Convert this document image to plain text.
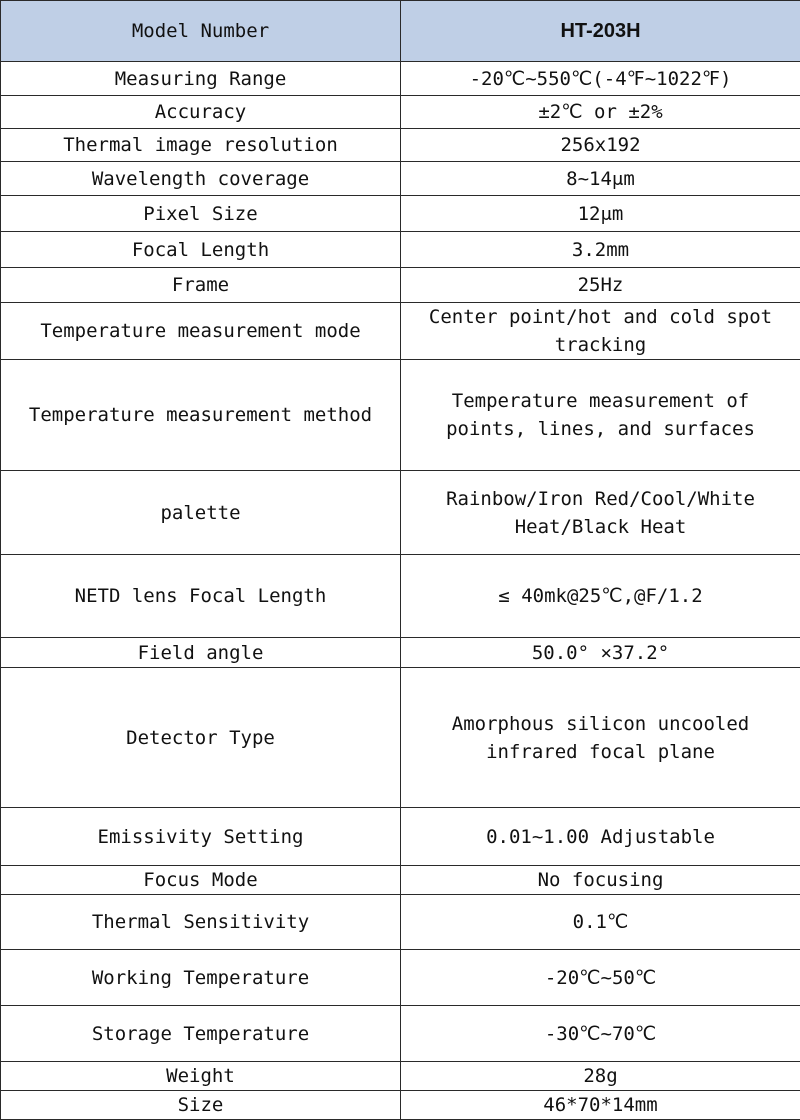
Model Number	HT-203H
Measuring Range	-20℃~550℃(-4℉~1022℉)
Accuracy	±2℃ or ±2%
Thermal image resolution	256x192
Wavelength coverage	8~14μm
Pixel Size	12μm
Focal Length	3.2mm
Frame	25Hz
Temperature measurement mode	Center point/hot and cold spot tracking
Temperature measurement method	Temperature measurement of points, lines, and surfaces
palette	Rainbow/Iron Red/Cool/White Heat/Black Heat
NETD lens Focal Length	≤ 40mk@25℃,@F/1.2
Field angle	50.0° ×37.2°
Detector Type	Amorphous silicon uncooled infrared focal plane
Emissivity Setting	0.01~1.00 Adjustable
Focus Mode	No focusing
Thermal Sensitivity	0.1℃
Working Temperature	-20℃~50℃
Storage Temperature	-30℃~70℃
Weight	28g
Size	46*70*14mm
